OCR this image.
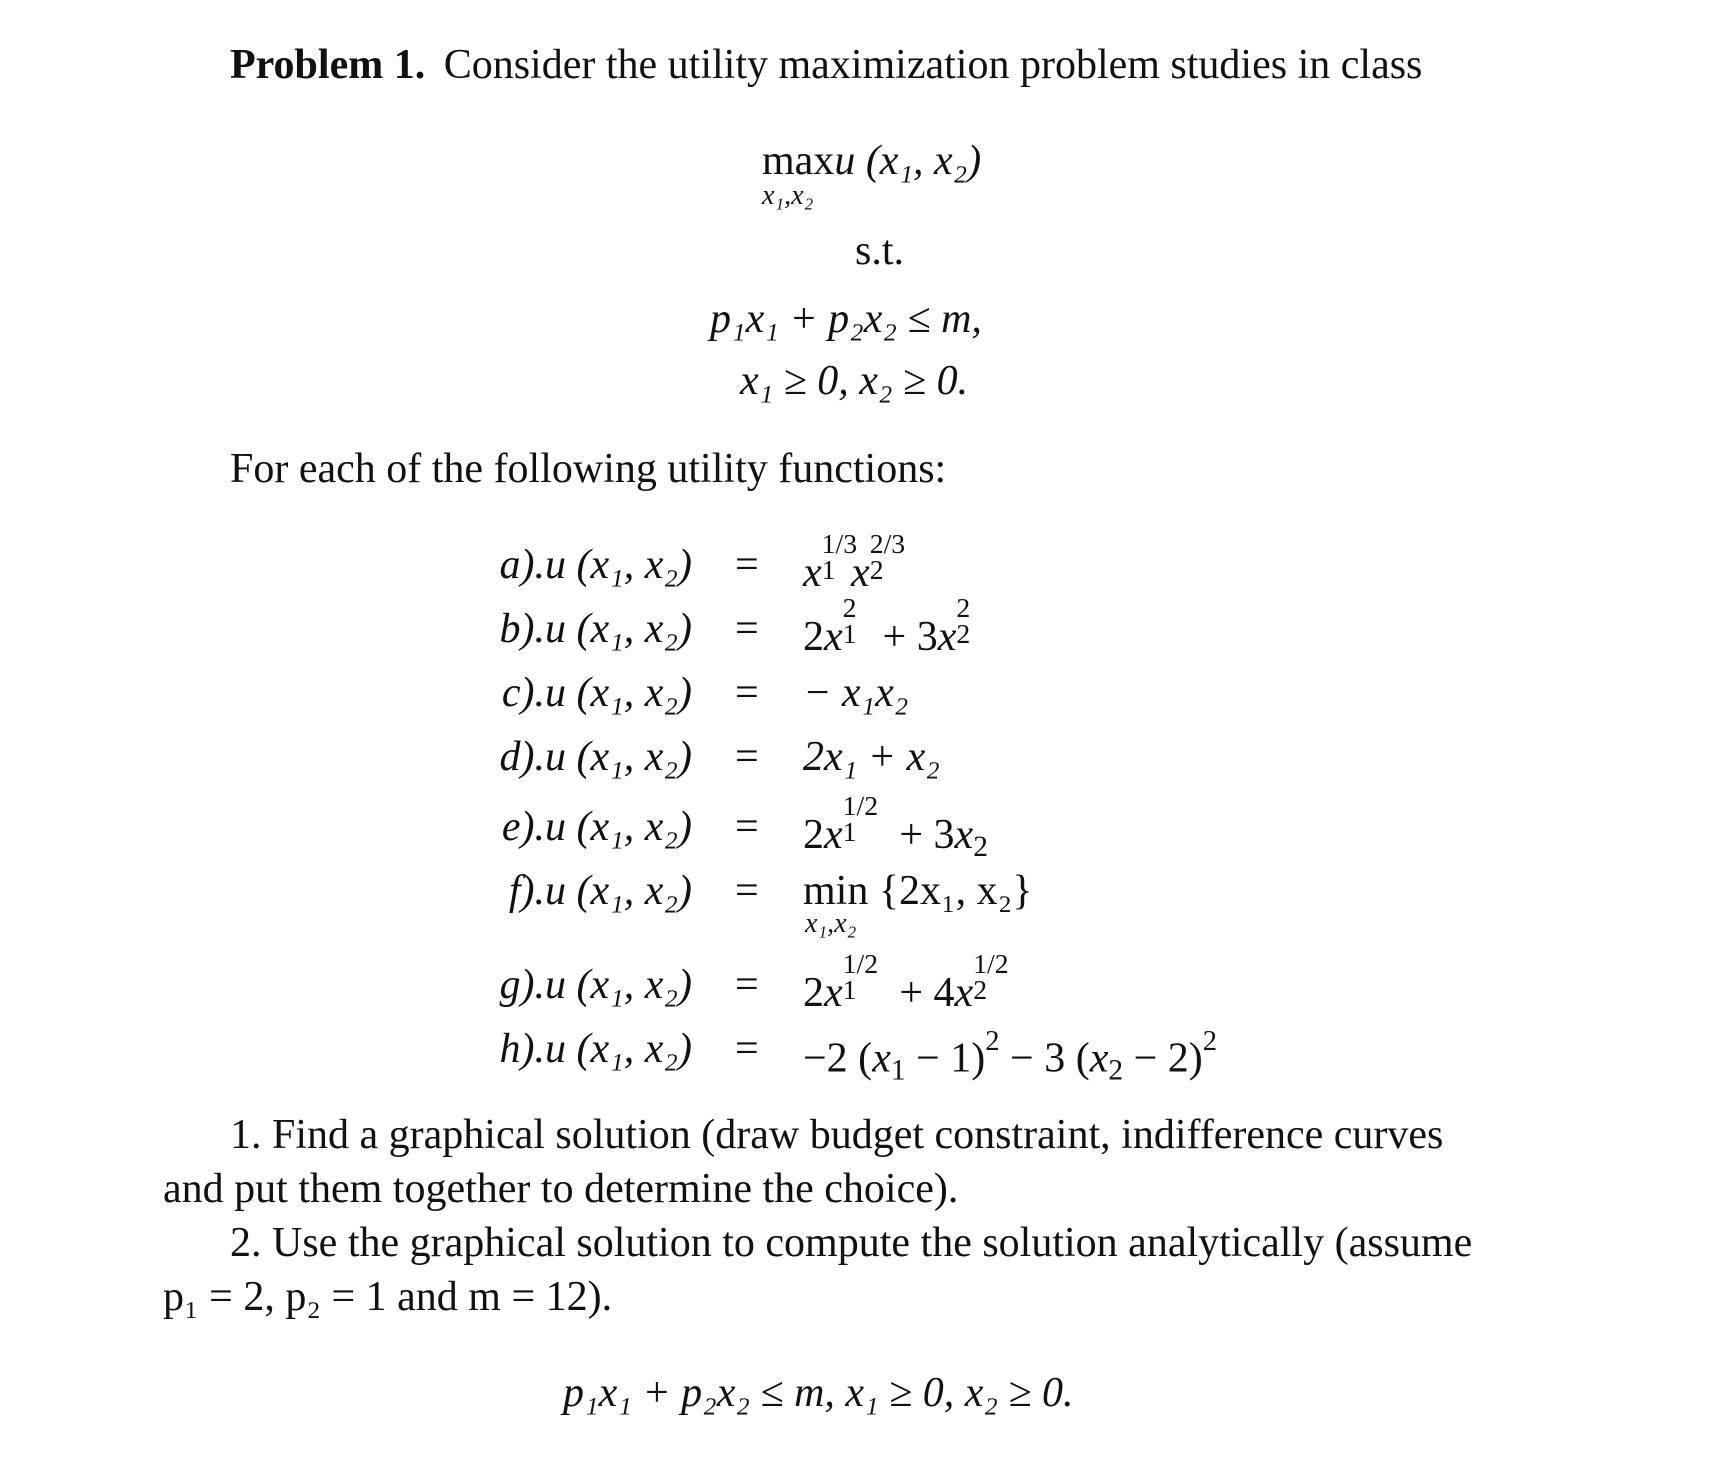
Problem 1. Consider the utility maximization problem studies in class
maxu (x₁, x₂)
x₁,x₂
s.t.
p₁x₁ + p₂x₂ ≤ m,
x₁ ≥ 0, x₂ ≥ 0.
For each of the following utility functions:
a).u (x₁, x₂) = x
1/3
1 x
2/3
2
b).u (x₁, x₂) = 2x
2
1 + 3x
2
2
c).u (x₁, x₂) = − x₁x₂
d).u (x₁, x₂) = 2x₁ + x₂
e).u (x₁, x₂) = 2x
1/2
$1 + 3x_2$
f).u (x₁, x₂) = min {2x₁, x₂}
x₁,x₂
g).u (x₁, x₂) = 2x
1/2
1 + 4x
1/2
2
h).u (x₁, x₂) = −2 $(x_1 - 1)^2 - 3$ $(x_2 - 2)^2$
1. Find a graphical solution (draw budget constraint, indifference curves
and put them together to determine the choice).
2. Use the graphical solution to compute the solution analytically (assume
p₁ = 2, p₂ = 1 and m = 12).
p₁x₁ + p₂x₂ ≤ m, x₁ ≥ 0, x₂ ≥ 0.
